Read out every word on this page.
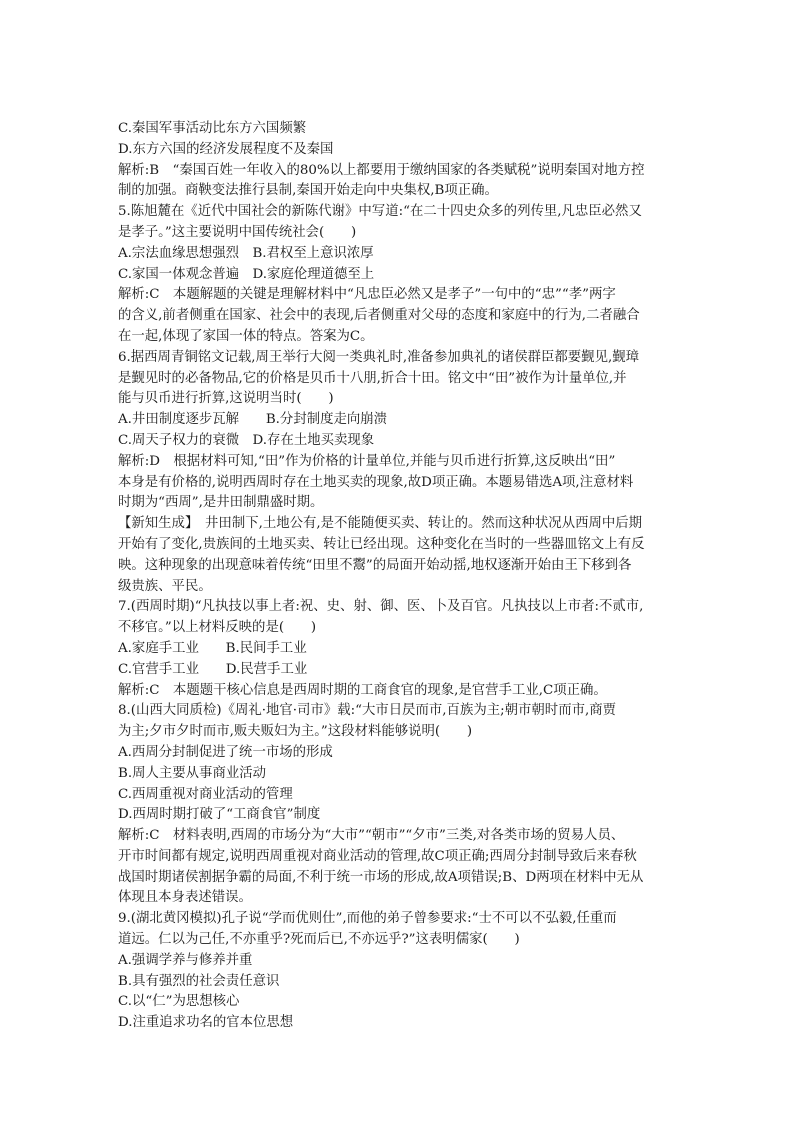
C.秦国军事活动比东方六国频繁
D.东方六国的经济发展程度不及秦国
解析:B　“秦国百姓一年收入的80%以上都要用于缴纳国家的各类赋税”说明秦国对地方控
制的加强。商鞅变法推行县制,秦国开始走向中央集权,B项正确。
5.陈旭麓在《近代中国社会的新陈代谢》中写道:“在二十四史众多的列传里,凡忠臣必然又
是孝子。”这主要说明中国传统社会(　　)
A.宗法血缘思想强烈　B.君权至上意识浓厚
C.家国一体观念普遍　D.家庭伦理道德至上
解析:C　本题解题的关键是理解材料中“凡忠臣必然又是孝子”一句中的“忠”“孝”两字
的含义,前者侧重在国家、社会中的表现,后者侧重对父母的态度和家庭中的行为,二者融合
在一起,体现了家国一体的特点。答案为C。
6.据西周青铜铭文记载,周王举行大阅一类典礼时,准备参加典礼的诸侯群臣都要觐见,觐璋
是觐见时的必备物品,它的价格是贝币十八朋,折合十田。铭文中“田”被作为计量单位,并
能与贝币进行折算,这说明当时(　　)
A.井田制度逐步瓦解　　B.分封制度走向崩溃
C.周天子权力的衰微　D.存在土地买卖现象
解析:D　根据材料可知,“田”作为价格的计量单位,并能与贝币进行折算,这反映出“田”
本身是有价格的,说明西周时存在土地买卖的现象,故D项正确。本题易错选A项,注意材料
时期为“西周”,是井田制鼎盛时期。
【新知生成】　井田制下,土地公有,是不能随便买卖、转让的。然而这种状况从西周中后期
开始有了变化,贵族间的土地买卖、转让已经出现。这种变化在当时的一些器皿铭文上有反
映。这种现象的出现意味着传统“田里不鬻”的局面开始动摇,地权逐渐开始由王下移到各
级贵族、平民。
7.(西周时期)“凡执技以事上者:祝、史、射、御、医、卜及百官。凡执技以上市者:不贰市,
不移官。”以上材料反映的是(　　)
A.家庭手工业　　B.民间手工业
C.官营手工业　　D.民营手工业
解析:C　本题题干核心信息是西周时期的工商食官的现象,是官营手工业,C项正确。
8.(山西大同质检)《周礼·地官·司市》载:“大市日昃而市,百族为主;朝市朝时而市,商贾
为主;夕市夕时而市,贩夫贩妇为主。”这段材料能够说明(　　)
A.西周分封制促进了统一市场的形成
B.周人主要从事商业活动
C.西周重视对商业活动的管理
D.西周时期打破了“工商食官”制度
解析:C　材料表明,西周的市场分为“大市”“朝市”“夕市”三类,对各类市场的贸易人员、
开市时间都有规定,说明西周重视对商业活动的管理,故C项正确;西周分封制导致后来春秋
战国时期诸侯割据争霸的局面,不利于统一市场的形成,故A项错误;B、D两项在材料中无从
体现且本身表述错误。
9.(湖北黄冈模拟)孔子说“学而优则仕”,而他的弟子曾参要求:“士不可以不弘毅,任重而
道远。仁以为己任,不亦重乎?死而后已,不亦远乎?”这表明儒家(　　)
A.强调学养与修养并重
B.具有强烈的社会责任意识
C.以“仁”为思想核心
D.注重追求功名的官本位思想
